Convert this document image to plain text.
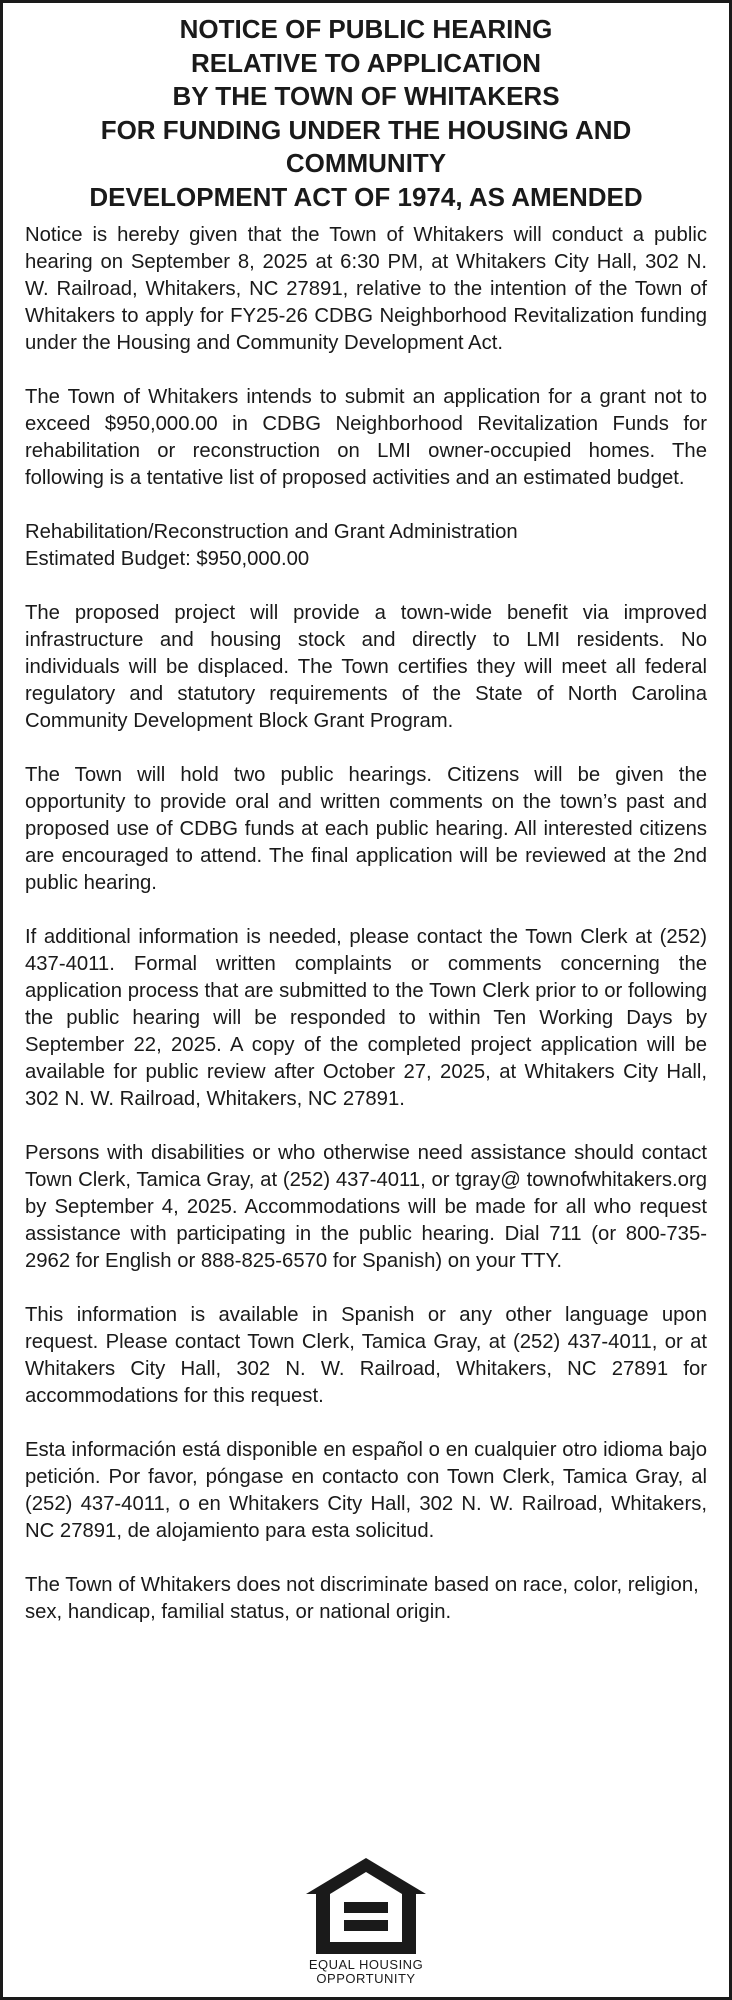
NOTICE OF PUBLIC HEARING
RELATIVE TO APPLICATION
BY THE TOWN OF WHITAKERS
FOR FUNDING UNDER THE HOUSING AND
COMMUNITY
DEVELOPMENT ACT OF 1974, AS AMENDED

Notice is hereby given that the Town of Whitakers will conduct a public hearing on September 8, 2025 at 6:30 PM, at Whitakers City Hall, 302 N. W. Railroad, Whitakers, NC 27891, relative to the intention of the Town of Whitakers to apply for FY25-26 CDBG Neighborhood Revitalization funding under the Housing and Community Development Act.

The Town of Whitakers intends to submit an application for a grant not to exceed $950,000.00 in CDBG Neighborhood Revitalization Funds for rehabilitation or reconstruction on LMI owner-occupied homes. The following is a tentative list of proposed activities and an estimated budget.

Rehabilitation/Reconstruction and Grant Administration
Estimated Budget: $950,000.00

The proposed project will provide a town-wide benefit via improved infrastructure and housing stock and directly to LMI residents. No individuals will be displaced. The Town certifies they will meet all federal regulatory and statutory requirements of the State of North Carolina Community Development Block Grant Program.

The Town will hold two public hearings. Citizens will be given the opportunity to provide oral and written comments on the town’s past and proposed use of CDBG funds at each public hearing. All interested citizens are encouraged to attend. The final application will be reviewed at the 2nd public hearing.

If additional information is needed, please contact the Town Clerk at (252) 437-4011. Formal written complaints or comments concerning the application process that are submitted to the Town Clerk prior to or following the public hearing will be responded to within Ten Working Days by September 22, 2025. A copy of the completed project application will be available for public review after October 27, 2025, at Whitakers City Hall, 302 N. W. Railroad, Whitakers, NC 27891.

Persons with disabilities or who otherwise need assistance should contact Town Clerk, Tamica Gray, at (252) 437-4011, or tgray@ townofwhitakers.org by September 4, 2025. Accommodations will be made for all who request assistance with participating in the public hearing. Dial 711 (or 800-735-2962 for English or 888-825-6570 for Spanish) on your TTY.

This information is available in Spanish or any other language upon request. Please contact Town Clerk, Tamica Gray, at (252) 437-4011, or at Whitakers City Hall, 302 N. W. Railroad, Whitakers, NC 27891 for accommodations for this request.

Esta información está disponible en español o en cualquier otro idioma bajo petición. Por favor, póngase en contacto con Town Clerk, Tamica Gray, al (252) 437-4011, o en Whitakers City Hall, 302 N. W. Railroad, Whitakers, NC 27891, de alojamiento para esta solicitud.

The Town of Whitakers does not discriminate based on race, color, religion, sex, handicap, familial status, or national origin.

EQUAL HOUSING
OPPORTUNITY
